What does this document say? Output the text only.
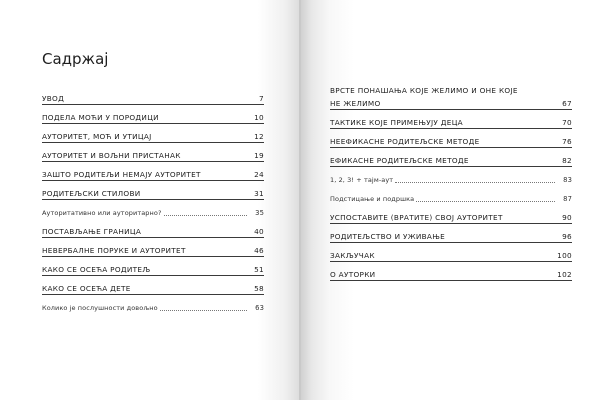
Садржај
УВОД	7
ПОДЕЛА МОЋИ У ПОРОДИЦИ	10
АУТОРИТЕТ, МОЋ И УТИЦАЈ	12
АУТОРИТЕТ И ВОЉНИ ПРИСТАНАК	19
ЗАШТО РОДИТЕЉИ НЕМАЈУ АУТОРИТЕТ	24
РОДИТЕЉСКИ СТИЛОВИ	31
Ауторитативно или ауторитарно?	35
ПОСТАВЉАЊЕ ГРАНИЦА	40
НЕВЕРБАЛНЕ ПОРУКЕ И АУТОРИТЕТ	46
КАКО СЕ ОСЕЋА РОДИТЕЉ	51
КАКО СЕ ОСЕЋА ДЕТЕ	58
Колико је послушности довољно	63
ВРСТЕ ПОНАШАЊА КОЈЕ ЖЕЛИМО И ОНЕ КОЈЕ
НЕ ЖЕЛИМО	67
ТАКТИКЕ КОЈЕ ПРИМЕЊУЈУ ДЕЦА	70
НЕЕФИКАСНЕ РОДИТЕЉСКЕ МЕТОДЕ	76
ЕФИКАСНЕ РОДИТЕЉСКЕ МЕТОДЕ	82
1, 2, 3! + тајм-аут	83
Подстицање и подршка	87
УСПОСТАВИТЕ (ВРАТИТЕ) СВОЈ АУТОРИТЕТ	90
РОДИТЕЉСТВО И УЖИВАЊЕ	96
ЗАКЉУЧАК	100
О АУТОРКИ	102
